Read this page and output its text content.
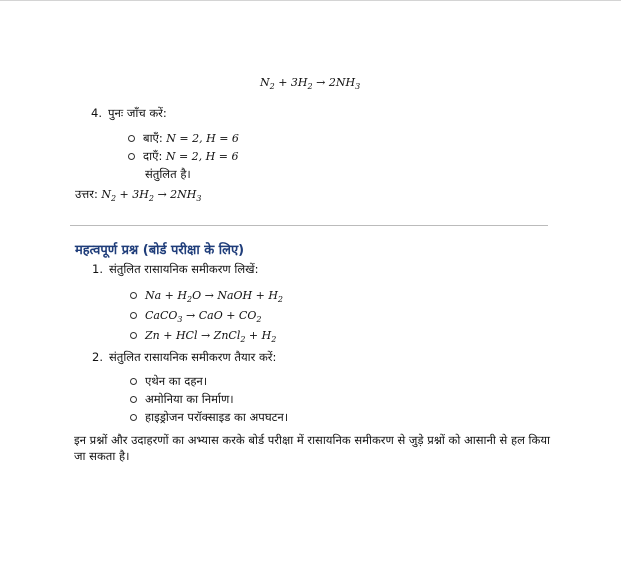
$N_2 + 3H_2 \to 2NH_3$
4. पुनः जाँच करें:
बाएँ: N = 2, H = 6
दाएँ: N = 2, H = 6
संतुलित है।
उत्तर: $N_2 + 3H_2 \to 2NH_3$
महत्वपूर्ण प्रश्न (बोर्ड परीक्षा के लिए)
1. संतुलित रासायनिक समीकरण लिखें:
$Na + H_2O$ → NaOH + $H_2$
CaCO$_3$ → CaO + $CO_2$
Zn + HCl → ZnCl$_2$ + $H_2$
2. संतुलित रासायनिक समीकरण तैयार करें:
एथेन का दहन।
अमोनिया का निर्माण।
हाइड्रोजन परॉक्साइड का अपघटन।
इन प्रश्नों और उदाहरणों का अभ्यास करके बोर्ड परीक्षा में रासायनिक समीकरण से जुड़े प्रश्नों को आसानी से हल किया जा सकता है।
